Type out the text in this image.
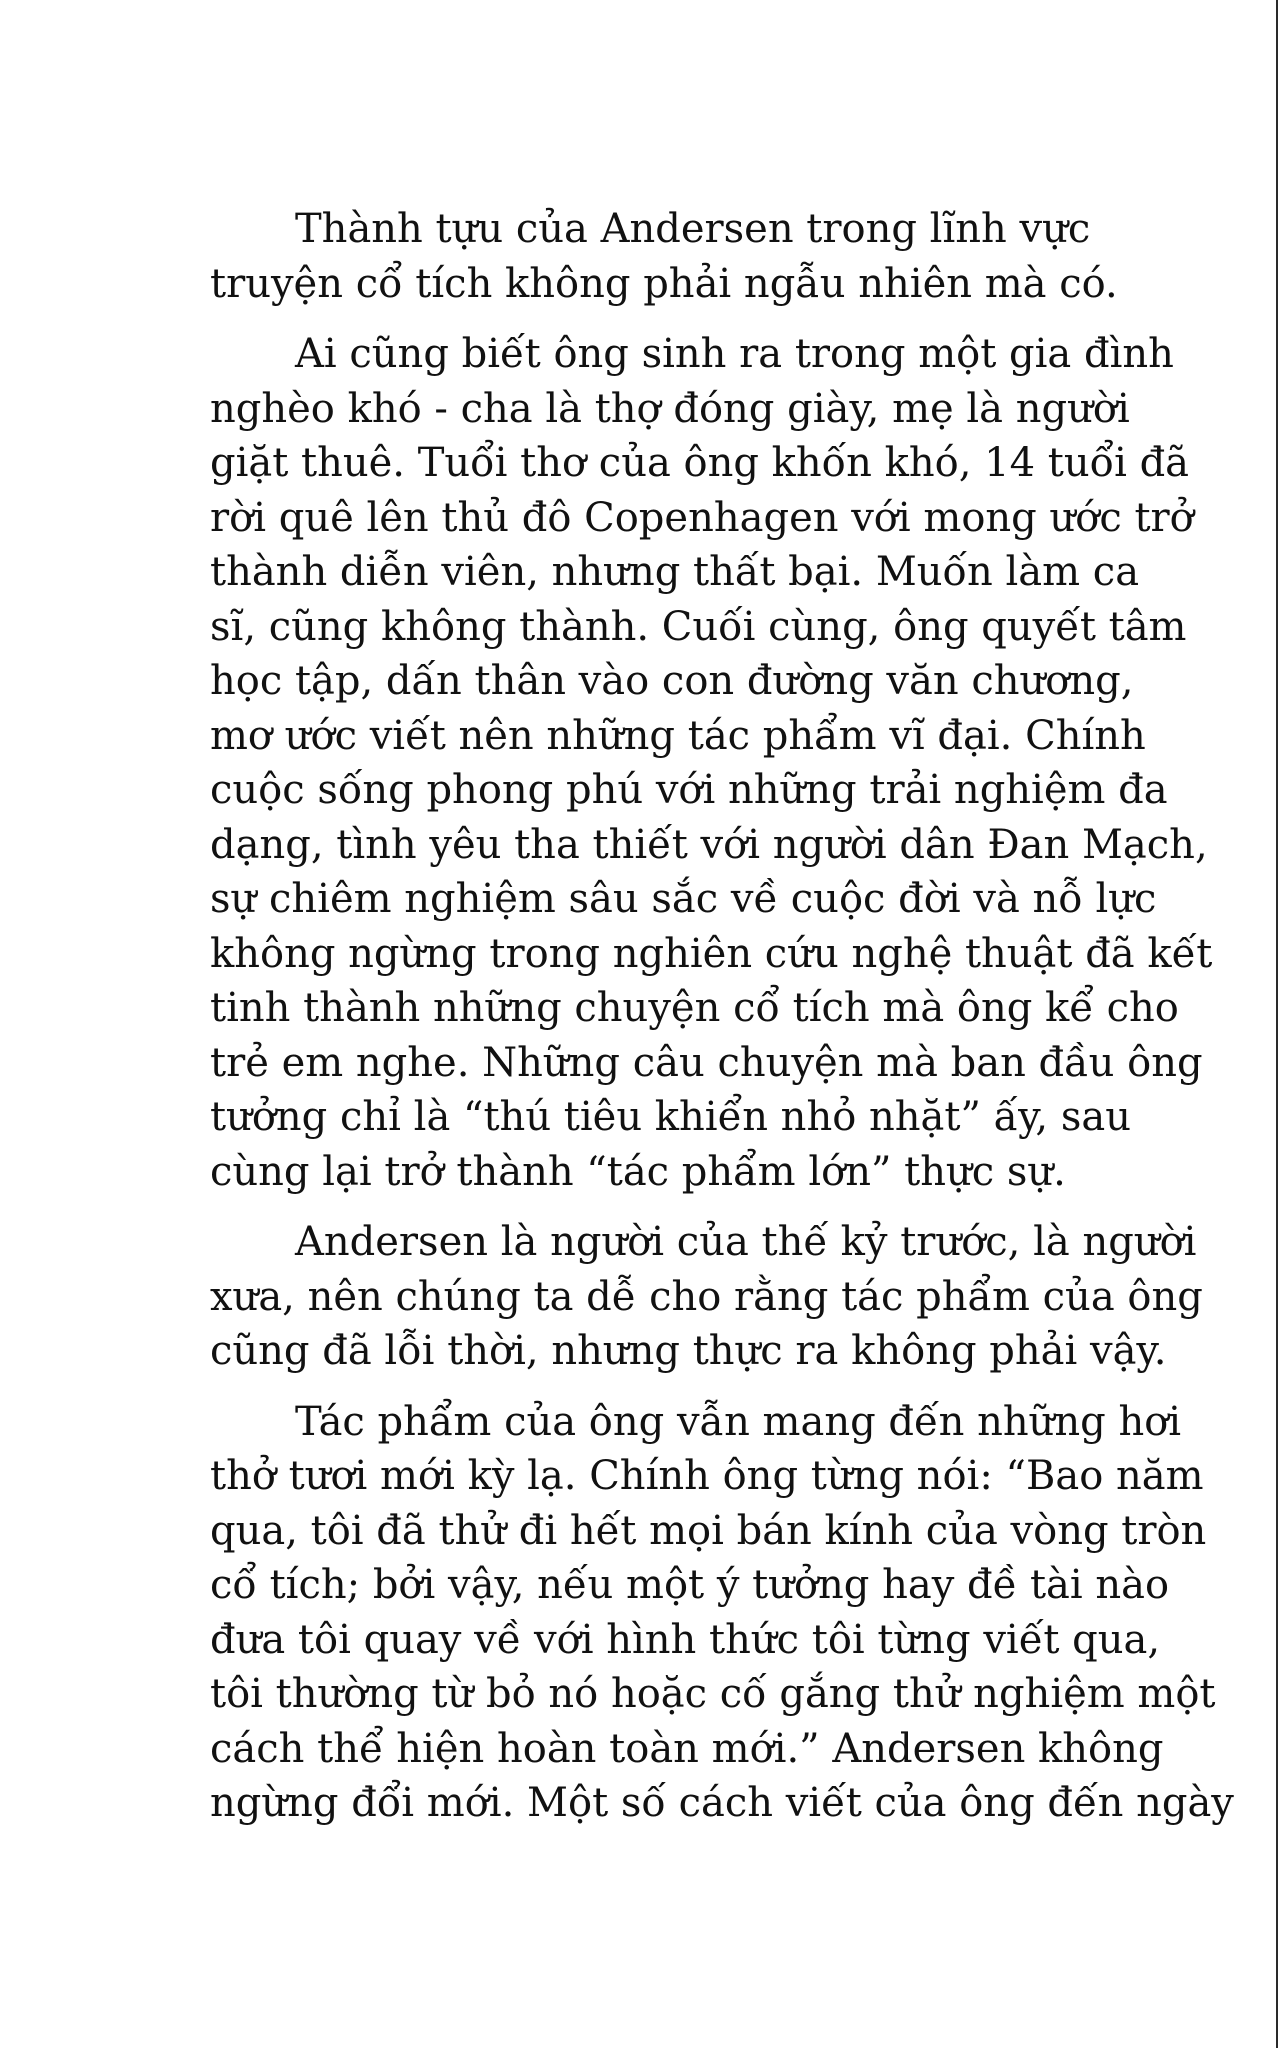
Thành tựu của Andersen trong lĩnh vực
truyện cổ tích không phải ngẫu nhiên mà có.
Ai cũng biết ông sinh ra trong một gia đình
nghèo khó - cha là thợ đóng giày, mẹ là người
giặt thuê. Tuổi thơ của ông khốn khó, 14 tuổi đã
rời quê lên thủ đô Copenhagen với mong ước trở
thành diễn viên, nhưng thất bại. Muốn làm ca
sĩ, cũng không thành. Cuối cùng, ông quyết tâm
học tập, dấn thân vào con đường văn chương,
mơ ước viết nên những tác phẩm vĩ đại. Chính
cuộc sống phong phú với những trải nghiệm đa
dạng, tình yêu tha thiết với người dân Đan Mạch,
sự chiêm nghiệm sâu sắc về cuộc đời và nỗ lực
không ngừng trong nghiên cứu nghệ thuật đã kết
tinh thành những chuyện cổ tích mà ông kể cho
trẻ em nghe. Những câu chuyện mà ban đầu ông
tưởng chỉ là “thú tiêu khiển nhỏ nhặt” ấy, sau
cùng lại trở thành “tác phẩm lớn” thực sự.
Andersen là người của thế kỷ trước, là người
xưa, nên chúng ta dễ cho rằng tác phẩm của ông
cũng đã lỗi thời, nhưng thực ra không phải vậy.
Tác phẩm của ông vẫn mang đến những hơi
thở tươi mới kỳ lạ. Chính ông từng nói: “Bao năm
qua, tôi đã thử đi hết mọi bán kính của vòng tròn
cổ tích; bởi vậy, nếu một ý tưởng hay đề tài nào
đưa tôi quay về với hình thức tôi từng viết qua,
tôi thường từ bỏ nó hoặc cố gắng thử nghiệm một
cách thể hiện hoàn toàn mới.” Andersen không
ngừng đổi mới. Một số cách viết của ông đến ngày
